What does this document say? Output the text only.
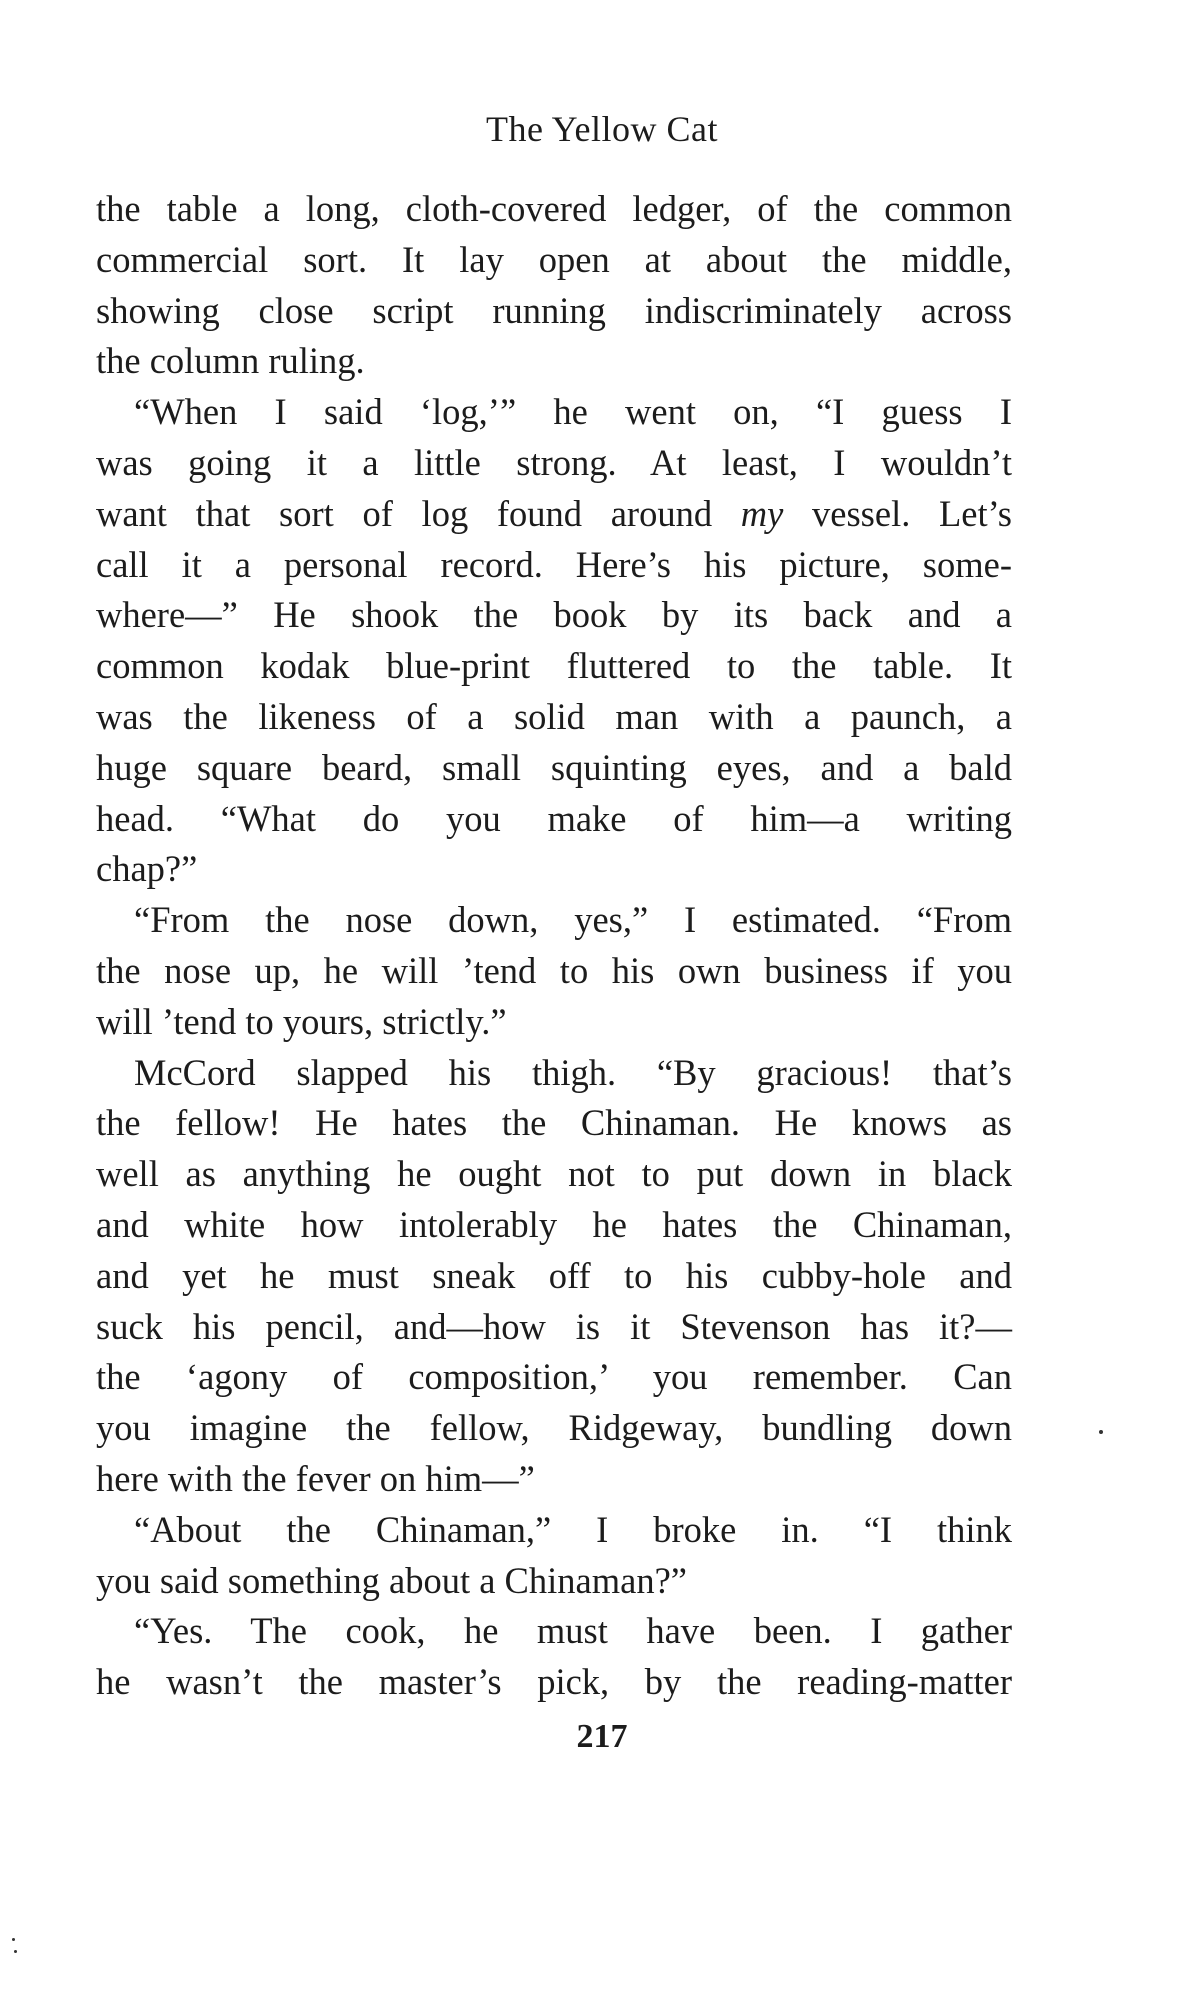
The Yellow Cat
the table a long, cloth-covered ledger, of the common
commercial sort. It lay open at about the middle,
showing close script running indiscriminately across
the column ruling.
“When I said ‘log,’” he went on, “I guess I
was going it a little strong. At least, I wouldn’t
want that sort of log found around my vessel. Let’s
call it a personal record. Here’s his picture, some-
where—” He shook the book by its back and a
common kodak blue-print fluttered to the table. It
was the likeness of a solid man with a paunch, a
huge square beard, small squinting eyes, and a bald
head. “What do you make of him—a writing
chap?”
“From the nose down, yes,” I estimated. “From
the nose up, he will ’tend to his own business if you
will ’tend to yours, strictly.”
McCord slapped his thigh. “By gracious! that’s
the fellow! He hates the Chinaman. He knows as
well as anything he ought not to put down in black
and white how intolerably he hates the Chinaman,
and yet he must sneak off to his cubby-hole and
suck his pencil, and—how is it Stevenson has it?—
the ‘agony of composition,’ you remember. Can
you imagine the fellow, Ridgeway, bundling down
here with the fever on him—”
“About the Chinaman,” I broke in. “I think
you said something about a Chinaman?”
“Yes. The cook, he must have been. I gather
he wasn’t the master’s pick, by the reading-matter
217
